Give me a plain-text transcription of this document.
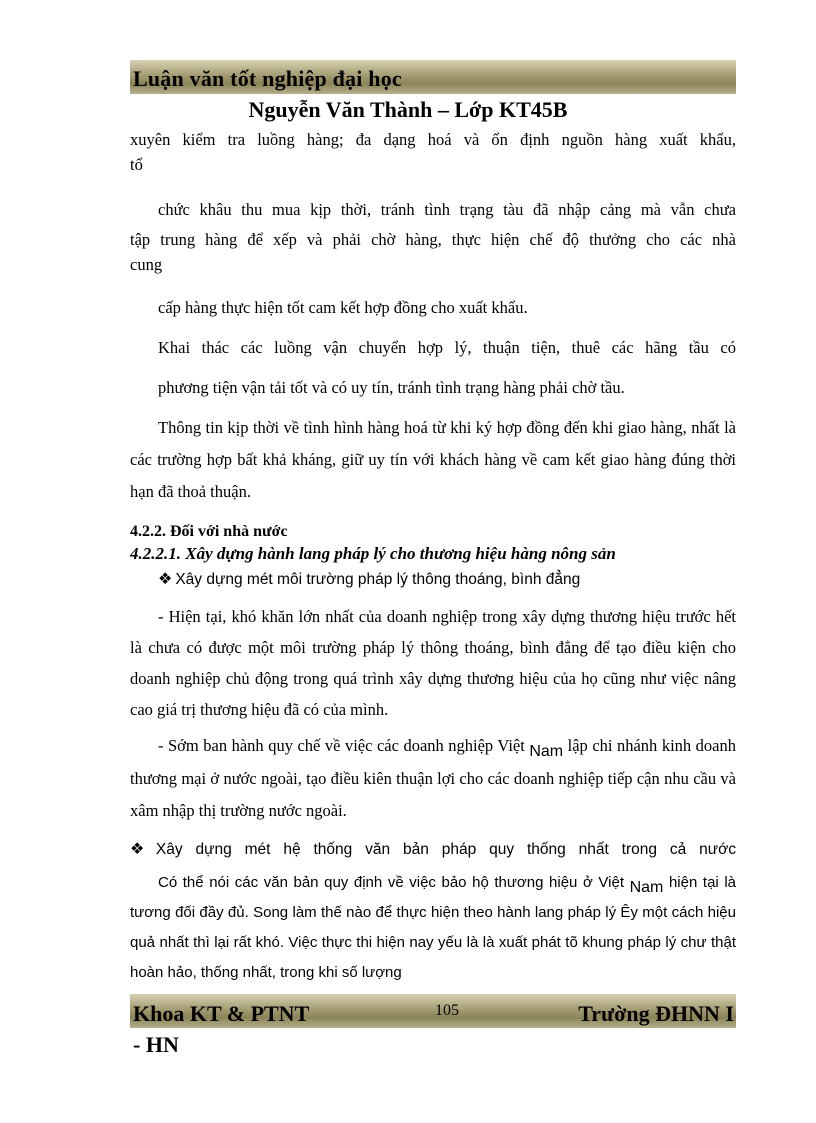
Luận văn tốt nghiệp đại học
Nguyễn Văn Thành – Lớp KT45B

xuyên kiểm tra luồng hàng; đa dạng hoá và ổn định nguồn hàng xuất khẩu,
tổ

chức khâu thu mua kịp thời, tránh tình trạng tàu đã nhập cảng mà vẫn chưa
tập trung hàng để xếp và phải chờ hàng, thực hiện chế độ thưởng cho các nhà
cung

cấp hàng thực hiện tốt cam kết hợp đồng cho xuất khẩu.

Khai thác các luồng vận chuyển hợp lý, thuận tiện, thuê các hãng tầu có

phương tiện vận tải tốt và có uy tín, tránh tình trạng hàng phải chờ tầu.

Thông tin kịp thời về tình hình hàng hoá từ khi ký hợp đồng đến khi giao hàng, nhất là các trường hợp bất khả kháng, giữ uy tín với khách hàng về cam kết giao hàng đúng thời hạn đã thoả thuận.

4.2.2. Đối với nhà nước

4.2.2.1. Xây dựng hành lang pháp lý cho thương hiệu hàng nông sản

❖ Xây dựng mét môi trường pháp lý thông thoáng, bình đẳng

- Hiện tại, khó khăn lớn nhất của doanh nghiệp trong xây dựng thương hiệu trước hết là chưa có được một môi trường pháp lý thông thoáng, bình đẳng để tạo điều kiện cho doanh nghiệp chủ động trong quá trình xây dựng thương hiệu của họ cũng như việc nâng cao giá trị thương hiệu đã có của mình.

- Sớm ban hành quy chế về việc các doanh nghiệp Việt Nam lập chi nhánh kinh doanh thương mại ở nước ngoài, tạo điều kiên thuận lợi cho các doanh nghiệp tiếp cận nhu cầu và xâm nhập thị trường nước ngoài.

❖ Xây dựng mét hệ thống văn bản pháp quy thống nhất trong cả nước

Có thể nói các văn bản quy định về việc bảo hộ thương hiệu ở Việt Nam hiện tại là tương đối đầy đủ. Song làm thế nào để thực hiện theo hành lang pháp lý Êy một cách hiệu quả nhất thì lại rất khó. Việc thực thi hiện nay yếu là là xuất phát tõ khung pháp lý chư thật hoàn hảo, thống nhất, trong khi số lượng

Khoa KT & PTNT	105	Trường ĐHNN I
- HN
